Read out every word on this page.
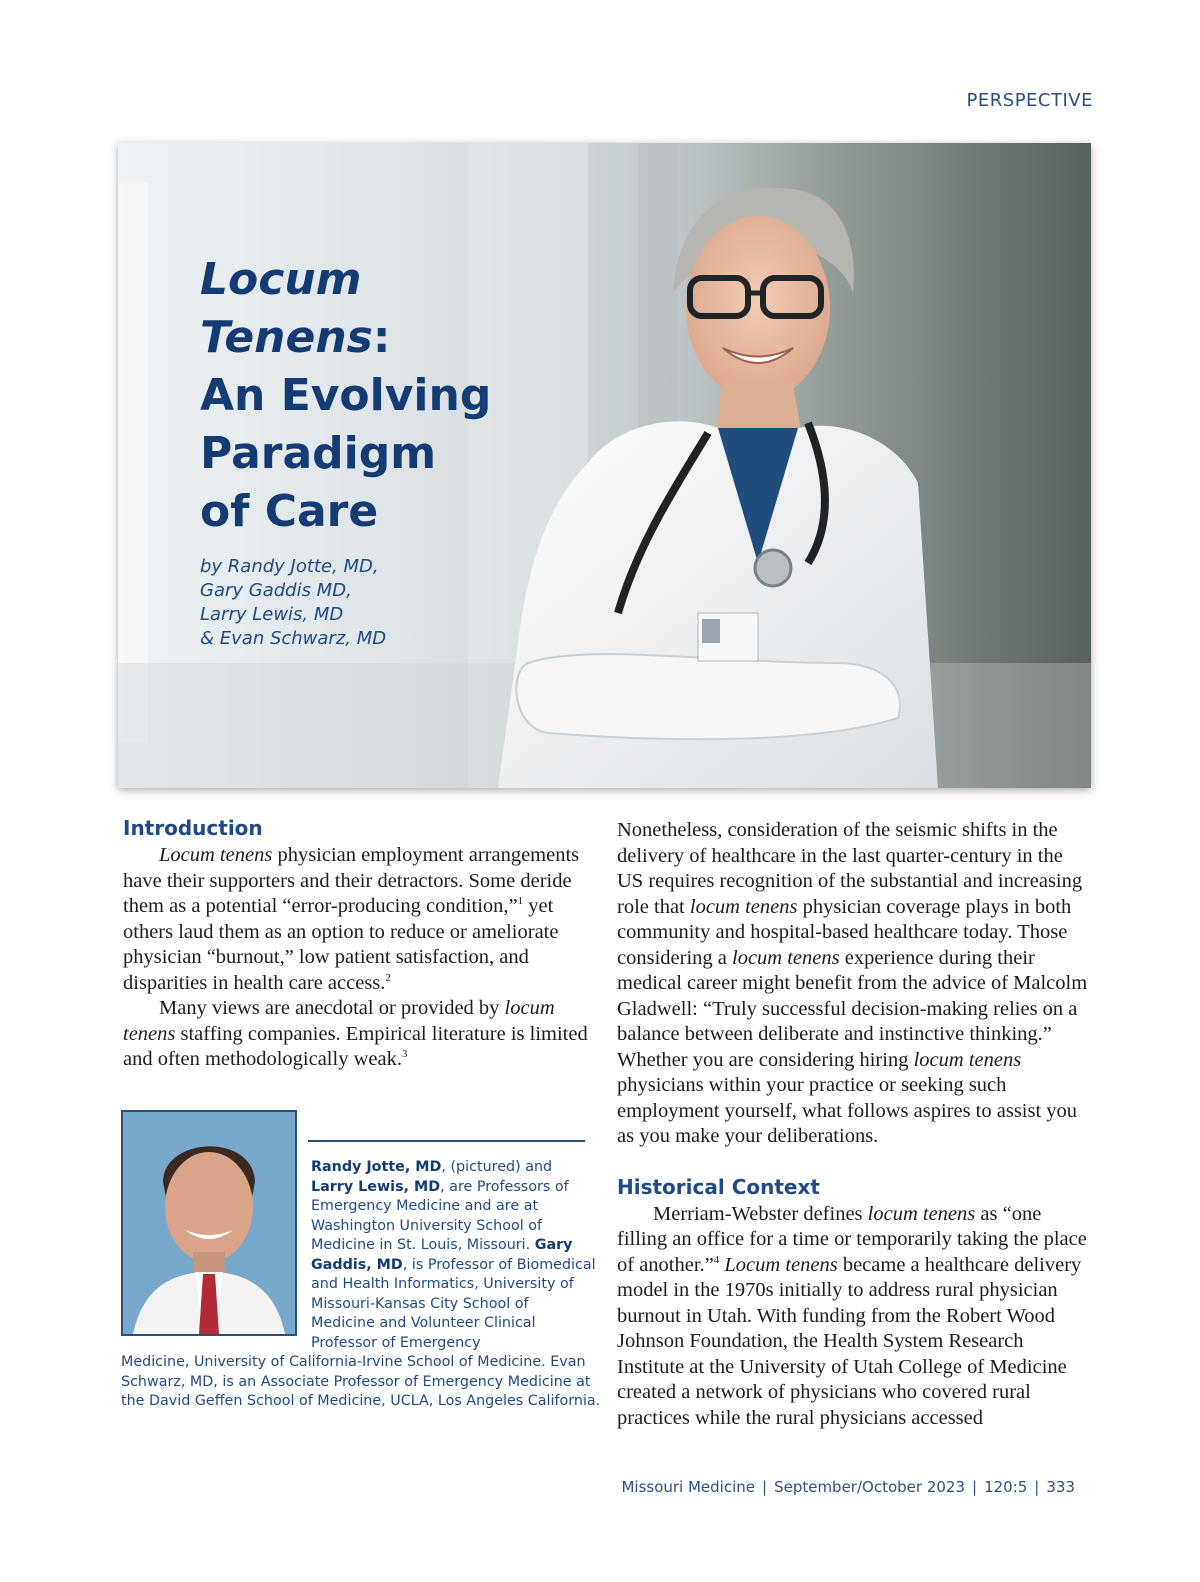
PERSPECTIVE
Locum
Tenens:
An Evolving
Paradigm
of Care
by Randy Jotte, MD,
Gary Gaddis MD,
Larry Lewis, MD
& Evan Schwarz, MD
Introduction

Locum tenens physician employment arrangements have their supporters and their detractors. Some deride them as a potential “error-producing condition,”$^1$ yet others laud them as an option to reduce or ameliorate physician “burnout,” low patient satisfaction, and disparities in health care access.$^2$

Many views are anecdotal or provided by locum tenens staffing companies. Empirical literature is limited and often methodologically weak.$^3$

Randy Jotte, MD, (pictured) and Larry Lewis, MD, are Professors of Emergency Medicine and are at Washington University School of Medicine in St. Louis, Missouri. Gary Gaddis, MD, is Professor of Biomedical and Health Informatics, University of Missouri-Kansas City School of Medicine and Volunteer Clinical Professor of Emergency
Medicine, University of California-Irvine School of Medicine. Evan Schwarz, MD, is an Associate Professor of Emergency Medicine at the David Geffen School of Medicine, UCLA, Los Angeles California.

Nonetheless, consideration of the seismic shifts in the delivery of healthcare in the last quarter-century in the US requires recognition of the substantial and increasing role that locum tenens physician coverage plays in both community and hospital-based healthcare today. Those considering a locum tenens experience during their medical career might benefit from the advice of Malcolm Gladwell: “Truly successful decision-making relies on a balance between deliberate and instinctive thinking.” Whether you are considering hiring locum tenens physicians within your practice or seeking such employment yourself, what follows aspires to assist you as you make your deliberations.

Historical Context

Merriam-Webster defines locum tenens as “one filling an office for a time or temporarily taking the place of another.”$^4$ Locum tenens became a healthcare delivery model in the 1970s initially to address rural physician burnout in Utah. With funding from the Robert Wood Johnson Foundation, the Health System Research Institute at the University of Utah College of Medicine created a network of physicians who covered rural practices while the rural physicians accessed

Missouri Medicine | September/October 2023 | 120:5 | 333
